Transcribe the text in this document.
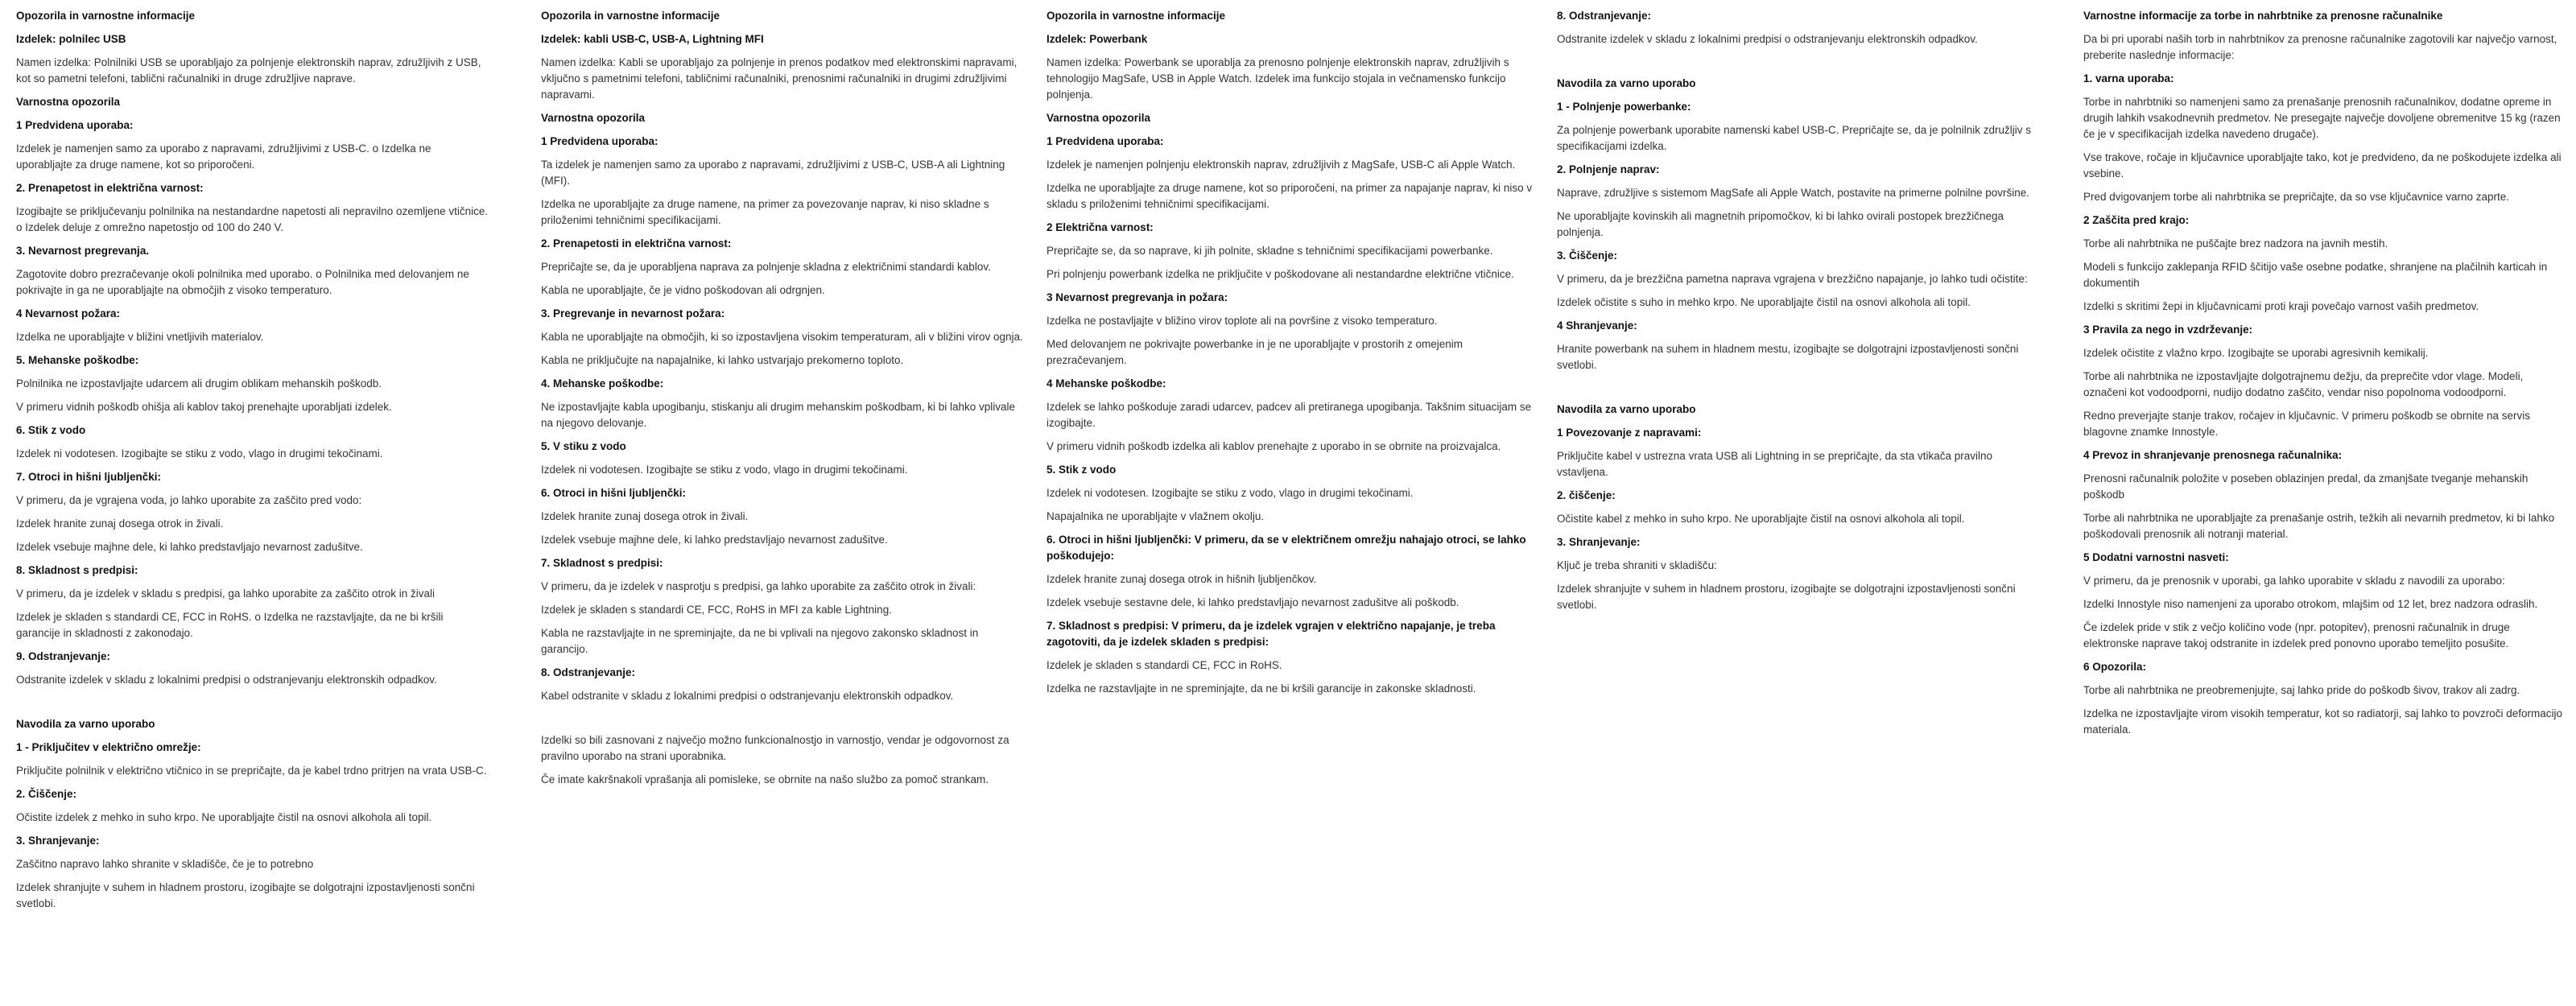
Opozorila in varnostne informacije
Izdelek: polnilec USB
Namen izdelka: Polnilniki USB se uporabljajo za polnjenje elektronskih naprav, združljivih z USB, kot so pametni telefoni, tablični računalniki in druge združljive naprave.
Varnostna opozorila
1 Predvidena uporaba:
Izdelek je namenjen samo za uporabo z napravami, združljivimi z USB-C. o Izdelka ne uporabljajte za druge namene, kot so priporočeni.
2. Prenapetost in električna varnost:
Izogibajte se priključevanju polnilnika na nestandardne napetosti ali nepravilno ozemljene vtičnice. o Izdelek deluje z omrežno napetostjo od 100 do 240 V.
3. Nevarnost pregrevanja.
Zagotovite dobro prezračevanje okoli polnilnika med uporabo. o Polnilnika med delovanjem ne pokrivajte in ga ne uporabljajte na območjih z visoko temperaturo.
4 Nevarnost požara:
Izdelka ne uporabljajte v bližini vnetljivih materialov.
5. Mehanske poškodbe:
Polnilnika ne izpostavljajte udarcem ali drugim oblikam mehanskih poškodb.
V primeru vidnih poškodb ohišja ali kablov takoj prenehajte uporabljati izdelek.
6. Stik z vodo
Izdelek ni vodotesen. Izogibajte se stiku z vodo, vlago in drugimi tekočinami.
7. Otroci in hišni ljubljenčki:
V primeru, da je vgrajena voda, jo lahko uporabite za zaščito pred vodo:
Izdelek hranite zunaj dosega otrok in živali.
Izdelek vsebuje majhne dele, ki lahko predstavljajo nevarnost zadušitve.
8. Skladnost s predpisi:
V primeru, da je izdelek v skladu s predpisi, ga lahko uporabite za zaščito otrok in živali
Izdelek je skladen s standardi CE, FCC in RoHS. o Izdelka ne razstavljajte, da ne bi kršili garancije in skladnosti z zakonodajo.
9. Odstranjevanje:
Odstranite izdelek v skladu z lokalnimi predpisi o odstranjevanju elektronskih odpadkov.
Navodila za varno uporabo
1 - Priključitev v električno omrežje:
Priključite polnilnik v električno vtičnico in se prepričajte, da je kabel trdno pritrjen na vrata USB-C.
2. Čiščenje:
Očistite izdelek z mehko in suho krpo. Ne uporabljajte čistil na osnovi alkohola ali topil.
3. Shranjevanje:
Zaščitno napravo lahko shranite v skladišče, če je to potrebno
Izdelek shranjujte v suhem in hladnem prostoru, izogibajte se dolgotrajni izpostavljenosti sončni svetlobi.
Opozorila in varnostne informacije
Izdelek: kabli USB-C, USB-A, Lightning MFI
Namen izdelka: Kabli se uporabljajo za polnjenje in prenos podatkov med elektronskimi napravami, vključno s pametnimi telefoni, tabličnimi računalniki, prenosnimi računalniki in drugimi združljivimi napravami.
Varnostna opozorila
1 Predvidena uporaba:
Ta izdelek je namenjen samo za uporabo z napravami, združljivimi z USB-C, USB-A ali Lightning (MFI).
Izdelka ne uporabljajte za druge namene, na primer za povezovanje naprav, ki niso skladne s priloženimi tehničnimi specifikacijami.
2. Prenapetosti in električna varnost:
Prepričajte se, da je uporabljena naprava za polnjenje skladna z električnimi standardi kablov.
Kabla ne uporabljajte, če je vidno poškodovan ali odrgnjen.
3. Pregrevanje in nevarnost požara:
Kabla ne uporabljajte na območjih, ki so izpostavljena visokim temperaturam, ali v bližini virov ognja.
Kabla ne priključujte na napajalnike, ki lahko ustvarjajo prekomerno toploto.
4. Mehanske poškodbe:
Ne izpostavljajte kabla upogibanju, stiskanju ali drugim mehanskim poškodbam, ki bi lahko vplivale na njegovo delovanje.
5. V stiku z vodo
Izdelek ni vodotesen. Izogibajte se stiku z vodo, vlago in drugimi tekočinami.
6. Otroci in hišni ljubljenčki:
Izdelek hranite zunaj dosega otrok in živali.
Izdelek vsebuje majhne dele, ki lahko predstavljajo nevarnost zadušitve.
7. Skladnost s predpisi:
V primeru, da je izdelek v nasprotju s predpisi, ga lahko uporabite za zaščito otrok in živali:
Izdelek je skladen s standardi CE, FCC, RoHS in MFI za kable Lightning.
Kabla ne razstavljajte in ne spreminjajte, da ne bi vplivali na njegovo zakonsko skladnost in garancijo.
8. Odstranjevanje:
Kabel odstranite v skladu z lokalnimi predpisi o odstranjevanju elektronskih odpadkov.
Izdelki so bili zasnovani z največjo možno funkcionalnostjo in varnostjo, vendar je odgovornost za pravilno uporabo na strani uporabnika.
Če imate kakršnakoli vprašanja ali pomisleke, se obrnite na našo službo za pomoč strankam.
Opozorila in varnostne informacije
Izdelek: Powerbank
Namen izdelka: Powerbank se uporablja za prenosno polnjenje elektronskih naprav, združljivih s tehnologijo MagSafe, USB in Apple Watch. Izdelek ima funkcijo stojala in večnamensko funkcijo polnjenja.
Varnostna opozorila
1 Predvidena uporaba:
Izdelek je namenjen polnjenju elektronskih naprav, združljivih z MagSafe, USB-C ali Apple Watch.
Izdelka ne uporabljajte za druge namene, kot so priporočeni, na primer za napajanje naprav, ki niso v skladu s priloženimi tehničnimi specifikacijami.
2 Električna varnost:
Prepričajte se, da so naprave, ki jih polnite, skladne s tehničnimi specifikacijami powerbanke.
Pri polnjenju powerbank izdelka ne priključite v poškodovane ali nestandardne električne vtičnice.
3 Nevarnost pregrevanja in požara:
Izdelka ne postavljajte v bližino virov toplote ali na površine z visoko temperaturo.
Med delovanjem ne pokrivajte powerbanke in je ne uporabljajte v prostorih z omejenim prezračevanjem.
4 Mehanske poškodbe:
Izdelek se lahko poškoduje zaradi udarcev, padcev ali pretiranega upogibanja. Takšnim situacijam se izogibajte.
V primeru vidnih poškodb izdelka ali kablov prenehajte z uporabo in se obrnite na proizvajalca.
5. Stik z vodo
Izdelek ni vodotesen. Izogibajte se stiku z vodo, vlago in drugimi tekočinami.
Napajalnika ne uporabljajte v vlažnem okolju.
6. Otroci in hišni ljubljenčki: V primeru, da se v električnem omrežju nahajajo otroci, se lahko poškodujejo:
Izdelek hranite zunaj dosega otrok in hišnih ljubljenčkov.
Izdelek vsebuje sestavne dele, ki lahko predstavljajo nevarnost zadušitve ali poškodb.
7. Skladnost s predpisi: V primeru, da je izdelek vgrajen v električno napajanje, je treba zagotoviti, da je izdelek skladen s predpisi:
Izdelek je skladen s standardi CE, FCC in RoHS.
Izdelka ne razstavljajte in ne spreminjajte, da ne bi kršili garancije in zakonske skladnosti.
8. Odstranjevanje:
Odstranite izdelek v skladu z lokalnimi predpisi o odstranjevanju elektronskih odpadkov.
Navodila za varno uporabo
1 - Polnjenje powerbanke:
Za polnjenje powerbank uporabite namenski kabel USB-C. Prepričajte se, da je polnilnik združljiv s specifikacijami izdelka.
2. Polnjenje naprav:
Naprave, združljive s sistemom MagSafe ali Apple Watch, postavite na primerne polnilne površine.
Ne uporabljajte kovinskih ali magnetnih pripomočkov, ki bi lahko ovirali postopek brezžičnega polnjenja.
3. Čiščenje:
V primeru, da je brezžična pametna naprava vgrajena v brezžično napajanje, jo lahko tudi očistite:
Izdelek očistite s suho in mehko krpo. Ne uporabljajte čistil na osnovi alkohola ali topil.
4 Shranjevanje:
Hranite powerbank na suhem in hladnem mestu, izogibajte se dolgotrajni izpostavljenosti sončni svetlobi.
Navodila za varno uporabo
1 Povezovanje z napravami:
Priključite kabel v ustrezna vrata USB ali Lightning in se prepričajte, da sta vtikača pravilno vstavljena.
2. čiščenje:
Očistite kabel z mehko in suho krpo. Ne uporabljajte čistil na osnovi alkohola ali topil.
3. Shranjevanje:
Ključ je treba shraniti v skladišču:
Izdelek shranjujte v suhem in hladnem prostoru, izogibajte se dolgotrajni izpostavljenosti sončni svetlobi.
Varnostne informacije za torbe in nahrbtnike za prenosne računalnike
Da bi pri uporabi naših torb in nahrbtnikov za prenosne računalnike zagotovili kar največjo varnost, preberite naslednje informacije:
1. varna uporaba:
Torbe in nahrbtniki so namenjeni samo za prenašanje prenosnih računalnikov, dodatne opreme in drugih lahkih vsakodnevnih predmetov. Ne presegajte največje dovoljene obremenitve 15 kg (razen če je v specifikacijah izdelka navedeno drugače).
Vse trakove, ročaje in ključavnice uporabljajte tako, kot je predvideno, da ne poškodujete izdelka ali vsebine.
Pred dvigovanjem torbe ali nahrbtnika se prepričajte, da so vse ključavnice varno zaprte.
2 Zaščita pred krajo:
Torbe ali nahrbtnika ne puščajte brez nadzora na javnih mestih.
Modeli s funkcijo zaklepanja RFID ščitijo vaše osebne podatke, shranjene na plačilnih karticah in dokumentih
Izdelki s skritimi žepi in ključavnicami proti kraji povečajo varnost vaših predmetov.
3 Pravila za nego in vzdrževanje:
Izdelek očistite z vlažno krpo. Izogibajte se uporabi agresivnih kemikalij.
Torbe ali nahrbtnika ne izpostavljajte dolgotrajnemu dežju, da preprečite vdor vlage. Modeli, označeni kot vodoodporni, nudijo dodatno zaščito, vendar niso popolnoma vodoodporni.
Redno preverjajte stanje trakov, ročajev in ključavnic. V primeru poškodb se obrnite na servis blagovne znamke Innostyle.
4 Prevoz in shranjevanje prenosnega računalnika:
Prenosni računalnik položite v poseben oblazinjen predal, da zmanjšate tveganje mehanskih poškodb
Torbe ali nahrbtnika ne uporabljajte za prenašanje ostrih, težkih ali nevarnih predmetov, ki bi lahko poškodovali prenosnik ali notranji material.
5 Dodatni varnostni nasveti:
V primeru, da je prenosnik v uporabi, ga lahko uporabite v skladu z navodili za uporabo:
Izdelki Innostyle niso namenjeni za uporabo otrokom, mlajšim od 12 let, brez nadzora odraslih.
Če izdelek pride v stik z večjo količino vode (npr. potopitev), prenosni računalnik in druge elektronske naprave takoj odstranite in izdelek pred ponovno uporabo temeljito posušite.
6 Opozorila:
Torbe ali nahrbtnika ne preobremenjujte, saj lahko pride do poškodb šivov, trakov ali zadrg.
Izdelka ne izpostavljajte virom visokih temperatur, kot so radiatorji, saj lahko to povzroči deformacijo materiala.
